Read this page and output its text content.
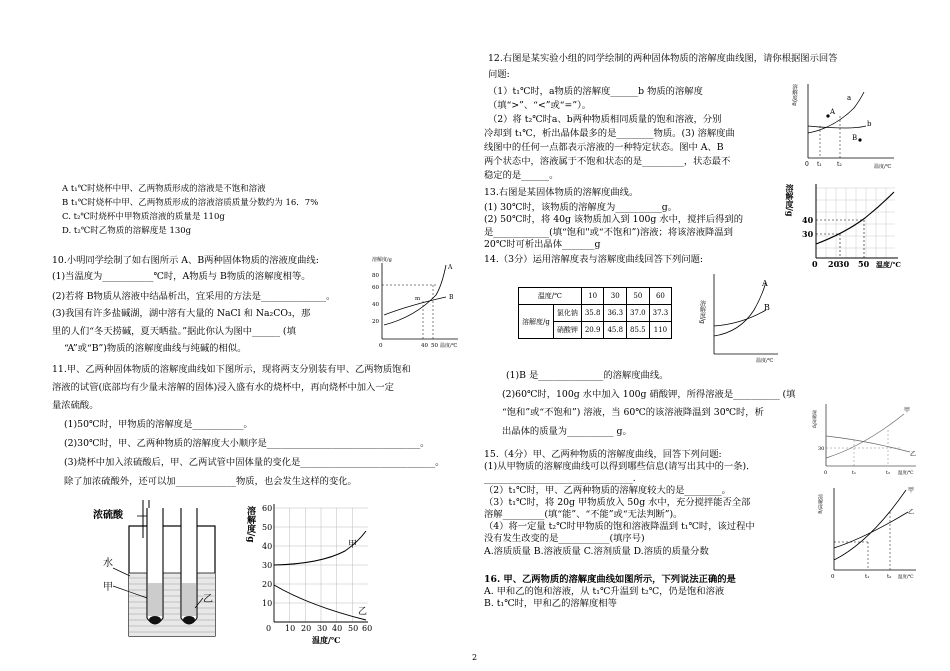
A t₁℃时烧杯中甲、乙两物质形成的溶液是不饱和溶液
B t₁℃时烧杯中甲、乙两物质形成的溶液溶质质量分数约为 16．7%
C. t₂℃时烧杯中甲物质溶液的质量是 110g
D. t₂℃时乙物质的溶解度是 130g
10.小明同学绘制了如右图所示 A、B两种固体物质的溶液度曲线:
(1)当温度为___________℃时，A物质与 B物质的溶解度相等。
(2)若将 B物质从溶液中结晶析出，宜采用的方法是______________。
(3)我国有许多盐碱湖，湖中溶有大量的 NaCl 和 Na₂CO₃，那
里的人们“冬天捞碱，夏天晒盐。”据此你认为图中______ (填
“A”或“B”)物质的溶解度曲线与纯碱的相似。
溶解度/g
80
60
40
20
0	40 50 温度/℃
A
B
m
11.甲、乙两种固体物质的溶解度曲线如下图所示，现将两支分别装有甲、乙两物质饱和
溶液的试管(底部均有少量未溶解的固体)浸入盛有水的烧杯中，再向烧杯中加入一定
量浓硫酸。
(1)50℃时，甲物质的溶解度是___________。
(2)30℃时，甲、乙两种物质的溶解度大小顺序是_________________________________。
(3)烧杯中加入浓硫酸后，甲、乙两试管中固体量的变化是_____________________________。
除了加浓硫酸外，还可以加_____________物质，也会发生这样的变化。
浓硫酸
水
甲
乙
溶解度/g 60
50
40
30
20
10
0 10 20 30 40 50 60
温度/℃
甲
乙
12.右图是某实验小组的同学绘制的两种固体物质的溶解度曲线图，请你根据图示回答
问题:
（1）t₁℃时，a物质的溶解度______b 物质的溶解度
（填“>”、“<”或“=”）。
（2）将 t₂℃时a、b两种物质相同质量的饱和溶液，分别
冷却到 t₁℃，析出晶体最多的是________物质。(3) 溶解度曲
线图中的任何一点都表示溶液的一种特定状态。图中 A、B
两个状态中，溶液属于不饱和状态的是_________，状态最不
稳定的是______。
溶解度/g	a
b
A
B
0 t₁	t₂	温度/℃
13.右图是某固体物质的溶解度曲线。
(1) 30℃时，该物质的溶解度为__________g。
(2) 50℃时，将 40g 该物质加入到 100g 水中，搅拌后得到的
是____________(填“饱和"或“不饱和”)溶液；将该溶液降温到
20℃时可析出晶体_______g
溶解度/g
40
30
0 20
30 50 温度/℃
14.（3分）运用溶解度表与溶解度曲线回答下列问题:
温度/℃		10	30	50	60
溶解度/g	氯化钠	35.8	36.3	37.0	37.3
	硝酸钾	20.9	45.8	85.5	110
溶解度/g
A
B
温度/℃
(1)B 是______________的溶解度曲线。
(2)60℃时，100g 水中加入 100g 硝酸钾，所得溶液是__________ (填
“饱和”或“不饱和”) 溶液，当 60℃的该溶液降温到 30℃时，析
出晶体的质量为__________ g。
溶解度/g
30
0	t₁	t₂ 温度/℃
甲
乙
15.（4分）甲、乙两种物质的溶解度曲线，回答下列问题:
(1)从甲物质的溶解度曲线可以得到哪些信息(请写出其中的一条)．
________________________________.
（2）t₁℃时，甲、乙两种物质的溶解度较大的是________。
（3）t₁℃时，将 20g 甲物质放入 50g 水中，充分搅拌能否全部
溶解_________(填“能”、“不能”或“无法判断”)。
（4）将一定量 t₂℃时甲物质的饱和溶液降温到 t₁℃时，该过程中
没有发生改变的是___________(填序号)
A.溶质质量 B.溶液质量 C.溶剂质量 D.溶质的质量分数
溶解度/g
0	t₁	t₂ 温度/℃
甲
乙
16. 甲、乙两物质的溶解度曲线如图所示，下列说法正确的是
A. 甲和乙的饱和溶液，从 t₁℃升温到 t₂℃，仍是饱和溶液
B. t₁℃时，甲和乙的溶解度相等
2
